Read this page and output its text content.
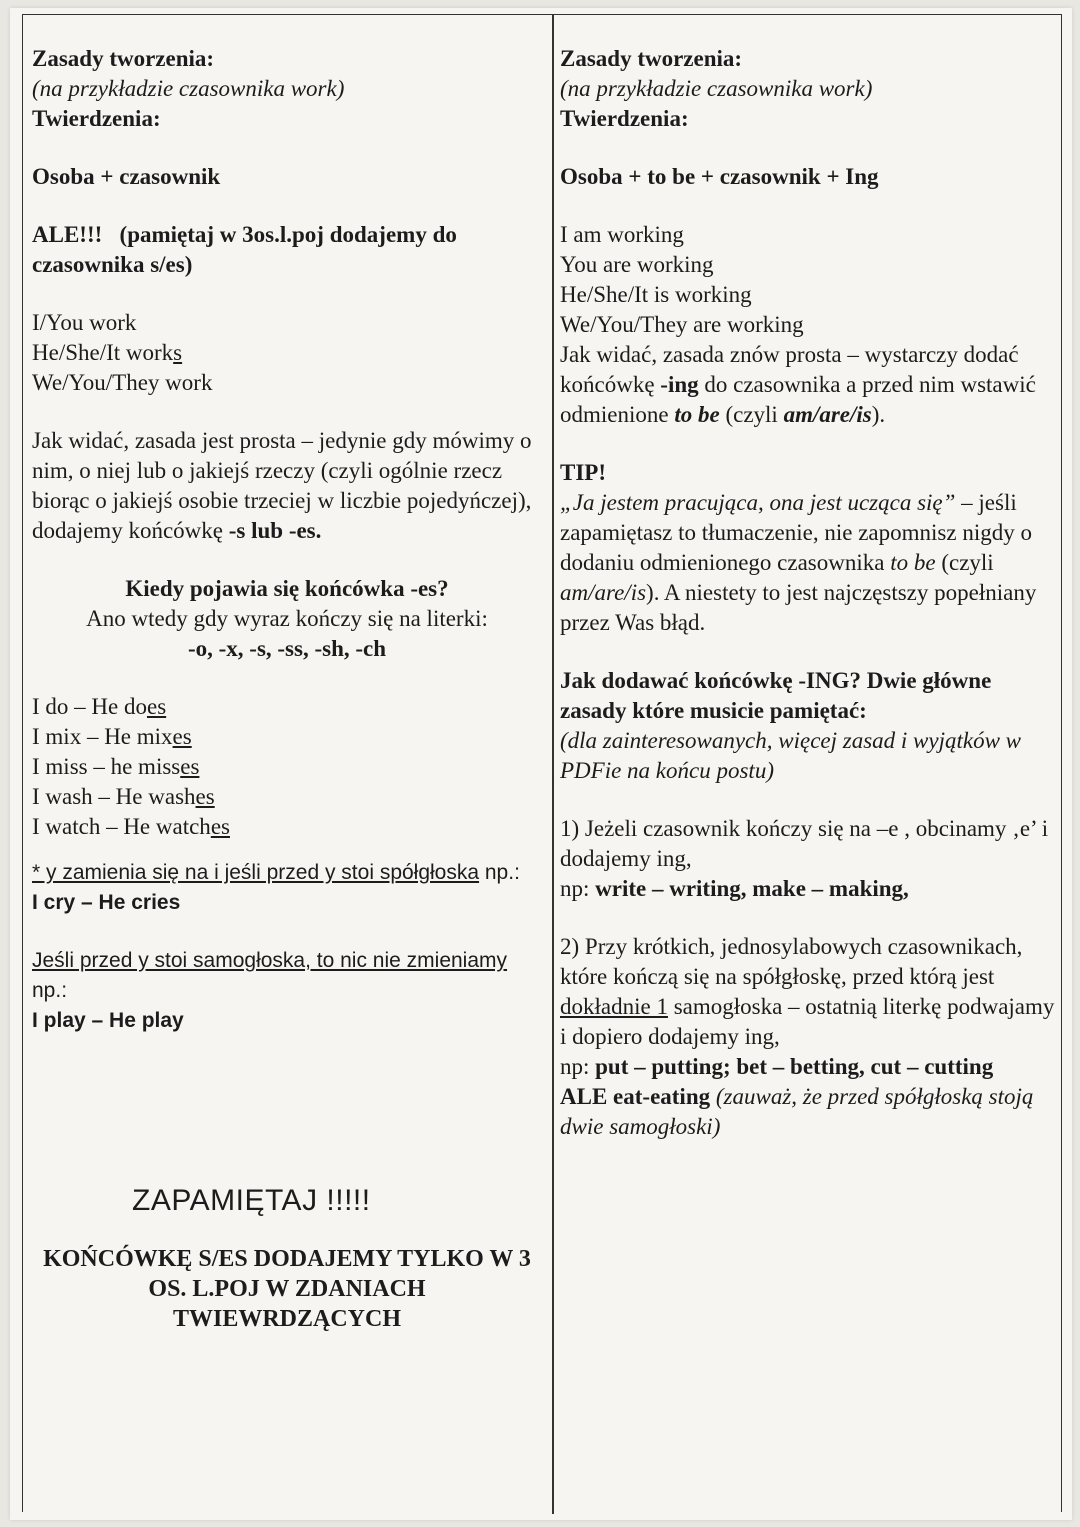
Zasady tworzenia:

(na przykładzie czasownika work)

Twierdzenia:

Osoba + czasownik

ALE!!! (pamiętaj w 3os.l.poj dodajemy do czasownika s/es)

I/You work

He/She/It works

We/You/They work

Jak widać, zasada jest prosta – jedynie gdy mówimy o nim, o niej lub o jakiejś rzeczy (czyli ogólnie rzecz biorąc o jakiejś osobie trzeciej w liczbie pojedyńczej), dodajemy końcówkę -s lub -es.

Kiedy pojawia się końcówka -es?

Ano wtedy gdy wyraz kończy się na literki:

-o, -x, -s, -ss, -sh, -ch

I do – He does

I mix – He mixes

I miss – he misses

I wash – He washes

I watch – He watches

* y zamienia się na i jeśli przed y stoi spółgłoska np.:

I cry – He cries

Jeśli przed y stoi samogłoska, to nic nie zmieniamy np.:

I play – He play

ZAPAMIĘTAJ !!!!!

KOŃCÓWKĘ S/ES DODAJEMY TYLKO W 3 OS. L.POJ W ZDANIACH TWIEWRDZĄCYCH

Zasady tworzenia:

(na przykładzie czasownika work)

Twierdzenia:

Osoba + to be + czasownik + Ing

I am working

You are working

He/She/It is working

We/You/They are working

Jak widać, zasada znów prosta – wystarczy dodać końcówkę -ing do czasownika a przed nim wstawić odmienione to be (czyli am/are/is).

TIP!

„Ja jestem pracująca, ona jest ucząca się” – jeśli zapamiętasz to tłumaczenie, nie zapomnisz nigdy o dodaniu odmienionego czasownika to be (czyli am/are/is). A niestety to jest najczęstszy popełniany przez Was błąd.

Jak dodawać końcówkę -ING? Dwie główne zasady które musicie pamiętać:

(dla zainteresowanych, więcej zasad i wyjątków w PDFie na końcu postu)

1) Jeżeli czasownik kończy się na –e , obcinamy ‚e’ i dodajemy ing,

np: write – writing, make – making,

2) Przy krótkich, jednosylabowych czasownikach, które kończą się na spółgłoskę, przed którą jest dokładnie 1 samogłoska – ostatnią literkę podwajamy i dopiero dodajemy ing,

np: put – putting; bet – betting, cut – cutting

ALE eat-eating (zauważ, że przed spółgłoską stoją dwie samogłoski)
